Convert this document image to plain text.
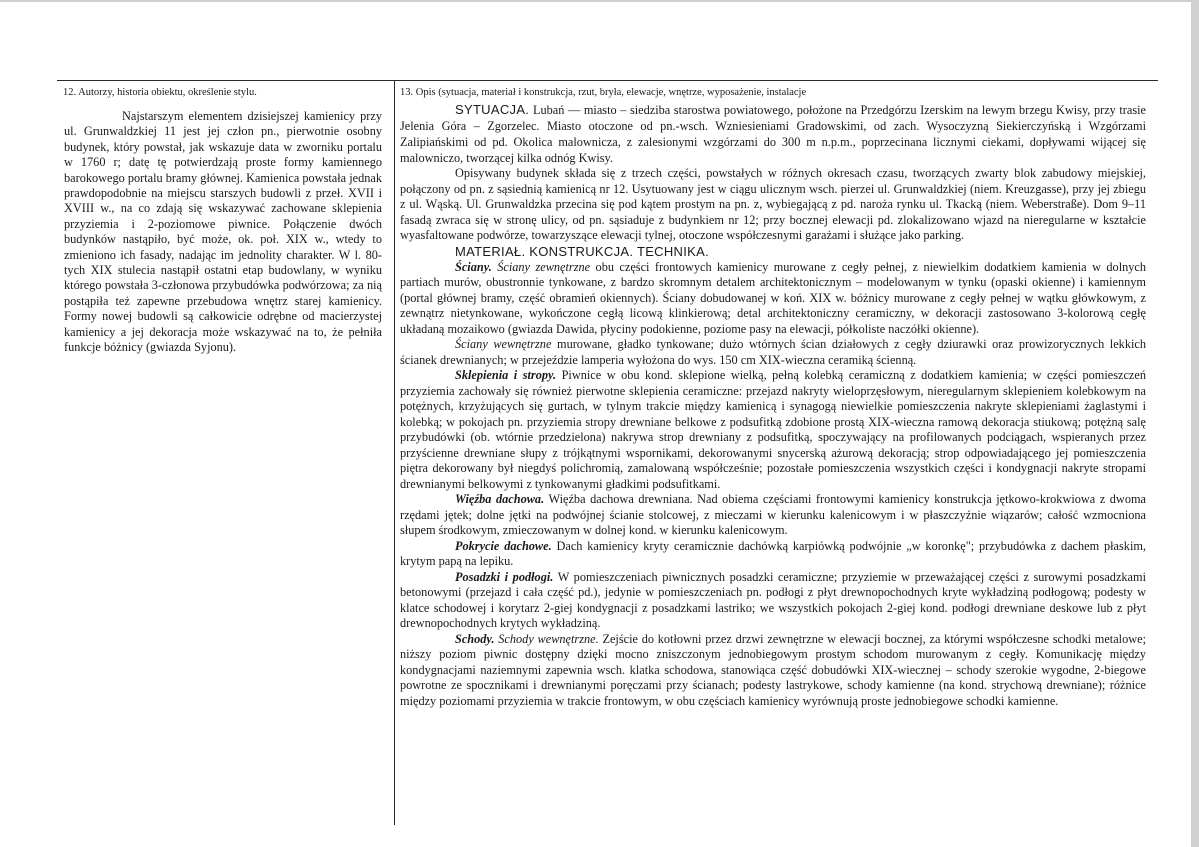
12. Autorzy, historia obiektu, określenie stylu.	13. Opis (sytuacja, materiał i konstrukcja, rzut, bryła, elewacje, wnętrze, wyposażenie, instalacje

Najstarszym elementem dzisiejszej kamienicy przy ul. Grunwaldzkiej 11 jest jej człon pn., pierwotnie osobny budynek, który powstał, jak wskazuje data w zworniku portalu w 1760 r; datę tę potwierdzają proste formy kamiennego barokowego portalu bramy głównej. Kamienica powstała jednak prawdopodobnie na miejscu starszych budowli z przeł. XVII i XVIII w., na co zdają się wskazywać zachowane sklepienia przyziemia i 2-poziomowe piwnice. Połączenie dwóch budynków nastąpiło, być może, ok. poł. XIX w., wtedy to zmieniono ich fasady, nadając im jednolity charakter. W l. 80-tych XIX stulecia nastąpił ostatni etap budowlany, w wyniku którego powstała 3-członowa przybudówka podwórzowa; za nią postąpiła też zapewne przebudowa wnętrz starej kamienicy. Formy nowej budowli są całkowicie odrębne od macierzystej kamienicy a jej dekoracja może wskazywać na to, że pełniła funkcje bóżnicy (gwiazda Syjonu).

SYTUACJA. Lubań — miasto – siedziba starostwa powiatowego, położone na Przedgórzu Izerskim na lewym brzegu Kwisy, przy trasie Jelenia Góra – Zgorzelec. Miasto otoczone od pn.-wsch. Wzniesieniami Gradowskimi, od zach. Wysoczyzną Siekierczyńską i Wzgórzami Zalipiańskimi od pd. Okolica malownicza, z zalesionymi wzgórzami do 300 m n.p.m., poprzecinana licznymi ciekami, dopływami wijącej się malowniczo, tworzącej kilka odnóg Kwisy.

Opisywany budynek składa się z trzech części, powstałych w różnych okresach czasu, tworzących zwarty blok zabudowy miejskiej, połączony od pn. z sąsiednią kamienicą nr 12. Usytuowany jest w ciągu ulicznym wsch. pierzei ul. Grunwaldzkiej (niem. Kreuzgasse), przy jej zbiegu z ul. Wąską. Ul. Grunwaldzka przecina się pod kątem prostym na pn. z, wybiegającą z pd. naroża rynku ul. Tkacką (niem. Weberstraße). Dom 9–11 fasadą zwraca się w stronę ulicy, od pn. sąsiaduje z budynkiem nr 12; przy bocznej elewacji pd. zlokalizowano wjazd na nieregularne w kształcie wyasfaltowane podwórze, towarzyszące elewacji tylnej, otoczone współczesnymi garażami i służące jako parking.

MATERIAŁ. KONSTRUKCJA. TECHNIKA.

Ściany. Ściany zewnętrzne obu części frontowych kamienicy murowane z cegły pełnej, z niewielkim dodatkiem kamienia w dolnych partiach murów, obustronnie tynkowane, z bardzo skromnym detalem architektonicznym – modelowanym w tynku (opaski okienne) i kamiennym (portal głównej bramy, część obramień okiennych). Ściany dobudowanej w koń. XIX w. bóżnicy murowane z cegły pełnej w wątku główkowym, z zewnątrz nietynkowane, wykończone cegłą licową klinkierową; detal architektoniczny ceramiczny, w dekoracji zastosowano 3-kolorową cegłę układaną mozaikowo (gwiazda Dawida, płyciny podokienne, poziome pasy na elewacji, półkoliste naczółki okienne).

Ściany wewnętrzne murowane, gładko tynkowane; dużo wtórnych ścian działowych z cegły dziurawki oraz prowizorycznych lekkich ścianek drewnianych; w przejeździe lamperia wyłożona do wys. 150 cm XIX-wieczna ceramiką ścienną.

Sklepienia i stropy. Piwnice w obu kond. sklepione wielką, pełną kolebką ceramiczną z dodatkiem kamienia; w części pomieszczeń przyziemia zachowały się również pierwotne sklepienia ceramiczne: przejazd nakryty wieloprzęsłowym, nieregularnym sklepieniem kolebkowym na potężnych, krzyżujących się gurtach, w tylnym trakcie między kamienicą i synagogą niewielkie pomieszczenia nakryte sklepieniami żaglastymi i kolebką; w pokojach pn. przyziemia stropy drewniane belkowe z podsufitką zdobione prostą XIX-wieczna ramową dekoracja stiukową; potężną salę przybudówki (ob. wtórnie przedzielona) nakrywa strop drewniany z podsufitką, spoczywający na profilowanych podciągach, wspieranych przez przyścienne drewniane słupy z trójkątnymi wspornikami, dekorowanymi snycerską ażurową dekoracją; strop odpowiadającego jej pomieszczenia piętra dekorowany był niegdyś polichromią, zamalowaną współcześnie; pozostałe pomieszczenia wszystkich części i kondygnacji nakryte stropami drewnianymi belkowymi z tynkowanymi gładkimi podsufitkami.

Więźba dachowa. Więźba dachowa drewniana. Nad obiema częściami frontowymi kamienicy konstrukcja jętkowo-krokwiowa z dwoma rzędami jętek; dolne jętki na podwójnej ścianie stolcowej, z mieczami w kierunku kalenicowym i w płaszczyźnie wiązarów; całość wzmocniona słupem środkowym, zmieczowanym w dolnej kond. w kierunku kalenicowym.

Pokrycie dachowe. Dach kamienicy kryty ceramicznie dachówką karpiówką podwójnie „w koronkę"; przybudówka z dachem płaskim, krytym papą na lepiku.

Posadzki i podłogi. W pomieszczeniach piwnicznych posadzki ceramiczne; przyziemie w przeważającej części z surowymi posadzkami betonowymi (przejazd i cała część pd.), jedynie w pomieszczeniach pn. podłogi z płyt drewnopochodnych kryte wykładziną podłogową; podesty w klatce schodowej i korytarz 2-giej kondygnacji z posadzkami lastriko; we wszystkich pokojach 2-giej kond. podłogi drewniane deskowe lub z płyt drewnopochodnych krytych wykładziną.

Schody. Schody wewnętrzne. Zejście do kotłowni przez drzwi zewnętrzne w elewacji bocznej, za którymi współczesne schodki metalowe; niższy poziom piwnic dostępny dzięki mocno zniszczonym jednobiegowym prostym schodom murowanym z cegły. Komunikację między kondygnacjami naziemnymi zapewnia wsch. klatka schodowa, stanowiąca część dobudówki XIX-wiecznej – schody szerokie wygodne, 2-biegowe powrotne ze spocznikami i drewnianymi poręczami przy ścianach; podesty lastrykowe, schody kamienne (na kond. strychową drewniane); różnice między poziomami przyziemia w trakcie frontowym, w obu częściach kamienicy wyrównują proste jednobiegowe schodki kamienne.
